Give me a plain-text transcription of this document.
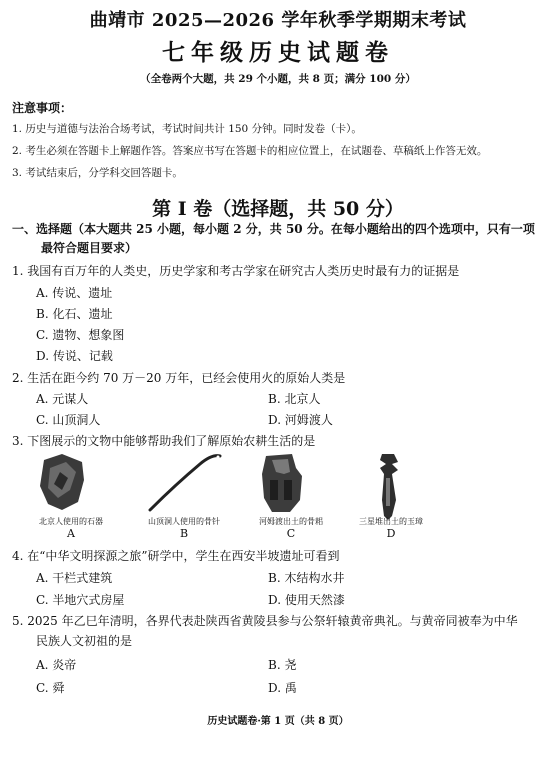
曲靖市 2025—2026 学年秋季学期期末考试
七年级历史试题卷
（全卷两个大题，共 29 个小题，共 8 页；满分 100 分）
注意事项：
1. 历史与道德与法治合场考试，考试时间共计 150 分钟。同时发卷（卡）。
2. 考生必须在答题卡上解题作答。答案应书写在答题卡的相应位置上，在试题卷、草稿纸上作答无效。
3. 考试结束后，分学科交回答题卡。
第 I 卷（选择题，共 50 分）
一、选择题（本大题共 25 小题，每小题 2 分，共 50 分。在每小题给出的四个选项中，只有一项
最符合题目要求）
1. 我国有百万年的人类史，历史学家和考古学家在研究古人类历史时最有力的证据是
A. 传说、遗址
B. 化石、遗址
C. 遗物、想象图
D. 传说、记载
2. 生活在距今约 70 万－20 万年，已经会使用火的原始人类是
A. 元谋人	B. 北京人
C. 山顶洞人	D. 河姆渡人
3. 下图展示的文物中能够帮助我们了解原始农耕生活的是
北京人使用的石器
A
山顶洞人使用的骨针
B
河姆渡出土的骨耜
C
三星堆出土的玉璋
D
4. 在“中华文明探源之旅”研学中，学生在西安半坡遗址可看到
A. 干栏式建筑	B. 木结构水井
C. 半地穴式房屋	D. 使用天然漆
5. 2025 年乙巳年清明，各界代表赴陕西省黄陵县参与公祭轩辕黄帝典礼。与黄帝同被奉为中华
民族人文初祖的是
A. 炎帝	B. 尧
C. 舜	D. 禹
历史试题卷·第 1 页（共 8 页）
